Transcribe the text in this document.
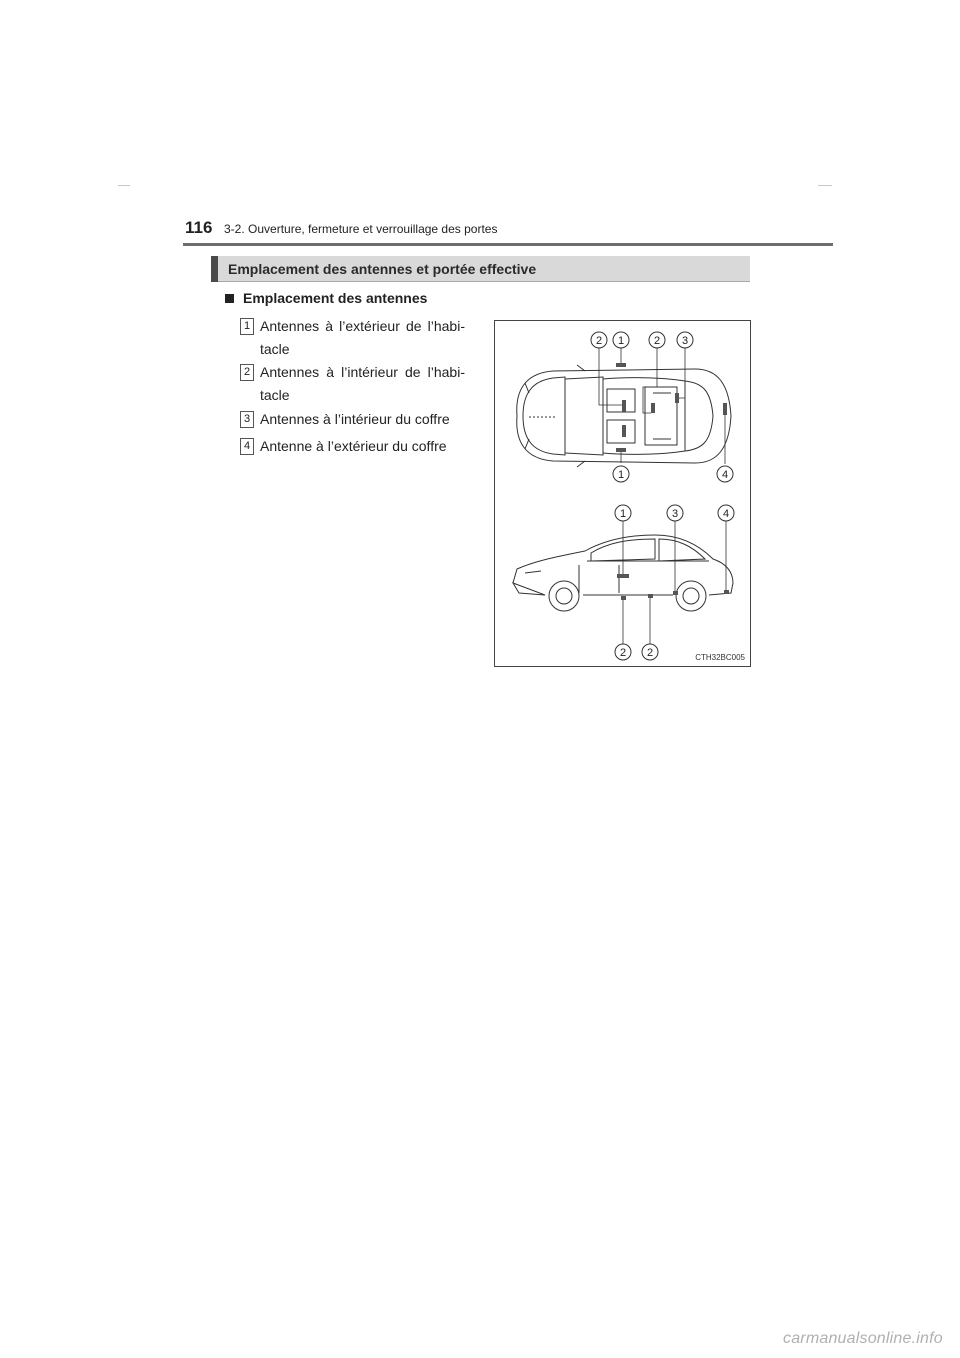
116 3-2. Ouverture, fermeture et verrouillage des portes
Emplacement des antennes et portée effective
Emplacement des antennes
1 Antennes à l’extérieur de l’habi-tacle
2 Antennes à l’intérieur de l’habi-tacle
3 Antennes à l’intérieur du coffre
4 Antenne à l’extérieur du coffre
2 1	2 3
1	4
1	3	4
2 2	CTH32BC005
carmanualsonline.info
